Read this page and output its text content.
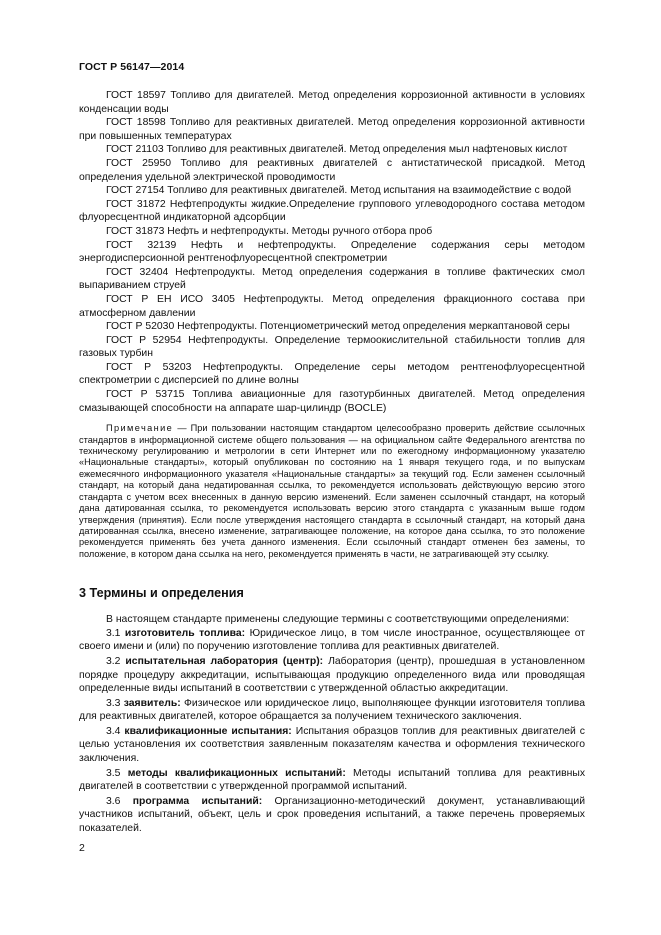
ГОСТ Р 56147—2014

ГОСТ 18597 Топливо для двигателей. Метод определения коррозионной активности в условиях конденсации воды

ГОСТ 18598 Топливо для реактивных двигателей. Метод определения коррозионной активности при повышенных температурах

ГОСТ 21103 Топливо для реактивных двигателей. Метод определения мыл нафтеновых кислот

ГОСТ 25950 Топливо для реактивных двигателей с антистатической присадкой. Метод определения удельной электрической проводимости

ГОСТ 27154 Топливо для реактивных двигателей. Метод испытания на взаимодействие с водой

ГОСТ 31872 Нефтепродукты жидкие.Определение группового углеводородного состава методом флуоресцентной индикаторной адсорбции

ГОСТ 31873 Нефть и нефтепродукты. Методы ручного отбора проб

ГОСТ 32139 Нефть и нефтепродукты. Определение содержания серы методом энергодисперсионной рентгенофлуоресцентной спектрометрии

ГОСТ 32404 Нефтепродукты. Метод определения содержания в топливе фактических смол выпариванием струей

ГОСТ Р ЕН ИСО 3405 Нефтепродукты. Метод определения фракционного состава при атмосферном давлении

ГОСТ Р 52030 Нефтепродукты. Потенциометрический метод определения меркаптановой серы

ГОСТ Р 52954 Нефтепродукты. Определение термоокислительной стабильности топлив для газовых турбин

ГОСТ Р 53203 Нефтепродукты. Определение серы методом рентгенофлуоресцентной спектрометрии с дисперсией по длине волны

ГОСТ Р 53715 Топлива авиационные для газотурбинных двигателей. Метод определения смазывающей способности на аппарате шар-цилиндр (BOCLE)

Примечание — При пользовании настоящим стандартом целесообразно проверить действие ссылочных стандартов в информационной системе общего пользования — на официальном сайте Федерального агентства по техническому регулированию и метрологии в сети Интернет или по ежегодному информационному указателю «Национальные стандарты», который опубликован по состоянию на 1 января текущего года, и по выпускам ежемесячного информационного указателя «Национальные стандарты» за текущий год. Если заменен ссылочный стандарт, на который дана недатированная ссылка, то рекомендуется использовать действующую версию этого стандарта с учетом всех внесенных в данную версию изменений. Если заменен ссылочный стандарт, на который дана датированная ссылка, то рекомендуется использовать версию этого стандарта с указанным выше годом утверждения (принятия). Если после утверждения настоящего стандарта в ссылочный стандарт, на который дана датированная ссылка, внесено изменение, затрагивающее положение, на которое дана ссылка, то это положение рекомендуется применять без учета данного изменения. Если ссылочный стандарт отменен без замены, то положение, в котором дана ссылка на него, рекомендуется применять в части, не затрагивающей эту ссылку.
3 Термины и определения
В настоящем стандарте применены следующие термины с соответствующими определениями:

3.1 изготовитель топлива: Юридическое лицо, в том числе иностранное, осуществляющее от своего имени и (или) по поручению изготовление топлива для реактивных двигателей.

3.2 испытательная лаборатория (центр): Лаборатория (центр), прошедшая в установленном порядке процедуру аккредитации, испытывающая продукцию определенного вида или проводящая определенные виды испытаний в соответствии с утвержденной областью аккредитации.

3.3 заявитель: Физическое или юридическое лицо, выполняющее функции изготовителя топлива для реактивных двигателей, которое обращается за получением технического заключения.

3.4 квалификационные испытания: Испытания образцов топлив для реактивных двигателей с целью установления их соответствия заявленным показателям качества и оформления технического заключения.

3.5 методы квалификационных испытаний: Методы испытаний топлива для реактивных двигателей в соответствии с утвержденной программой испытаний.

3.6 программа испытаний: Организационно-методический документ, устанавливающий участников испытаний, объект, цель и срок проведения испытаний, а также перечень проверяемых показателей.

2
